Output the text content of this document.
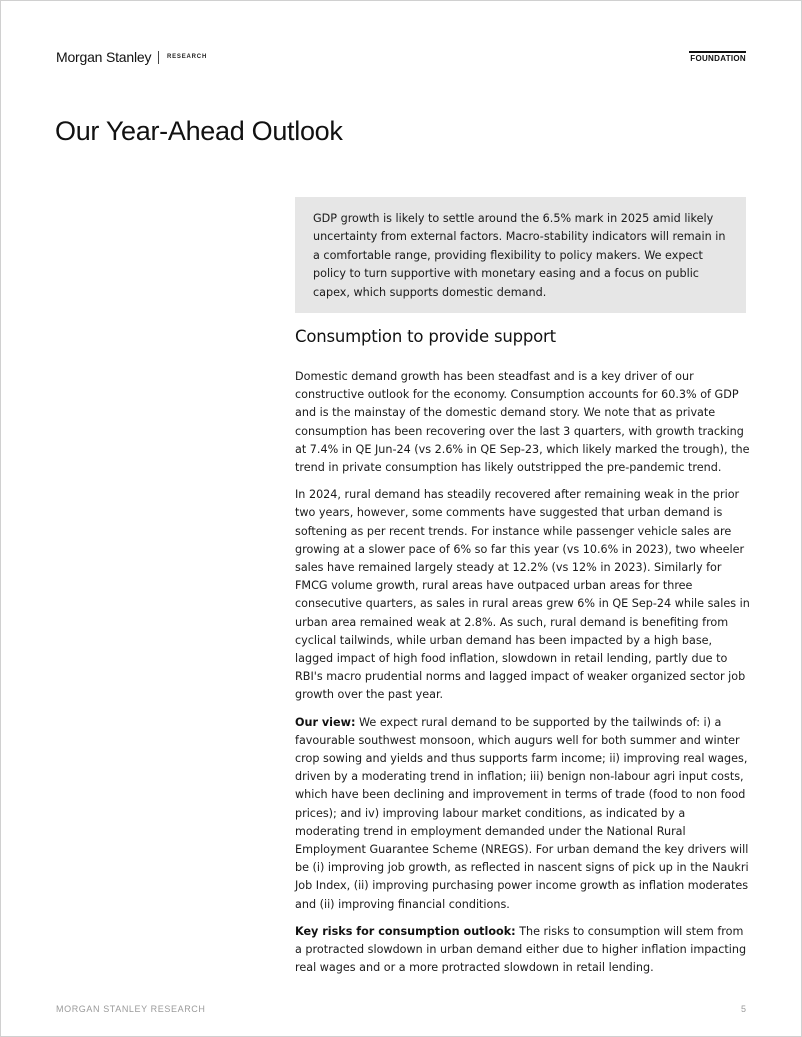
Morgan Stanley	RESEARCH	FOUNDATION
Our Year-Ahead Outlook

GDP growth is likely to settle around the 6.5% mark in 2025 amid likely uncertainty from external factors. Macro-stability indicators will remain in a comfortable range, providing flexibility to policy makers. We expect policy to turn supportive with monetary easing and a focus on public capex, which supports domestic demand.

Consumption to provide support

Domestic demand growth has been steadfast and is a key driver of our constructive outlook for the economy. Consumption accounts for 60.3% of GDP and is the mainstay of the domestic demand story. We note that as private consumption has been recovering over the last 3 quarters, with growth tracking at 7.4% in QE Jun-24 (vs 2.6% in QE Sep-23, which likely marked the trough), the trend in private consumption has likely outstripped the pre-pandemic trend.

In 2024, rural demand has steadily recovered after remaining weak in the prior two years, however, some comments have suggested that urban demand is softening as per recent trends. For instance while passenger vehicle sales are growing at a slower pace of 6% so far this year (vs 10.6% in 2023), two wheeler sales have remained largely steady at 12.2% (vs 12% in 2023). Similarly for FMCG volume growth, rural areas have outpaced urban areas for three consecutive quarters, as sales in rural areas grew 6% in QE Sep-24 while sales in urban area remained weak at 2.8%. As such, rural demand is benefiting from cyclical tailwinds, while urban demand has been impacted by a high base, lagged impact of high food inflation, slowdown in retail lending, partly due to RBI's macro prudential norms and lagged impact of weaker organized sector job growth over the past year.

Our view: We expect rural demand to be supported by the tailwinds of: i) a favourable southwest monsoon, which augurs well for both summer and winter crop sowing and yields and thus supports farm income; ii) improving real wages, driven by a moderating trend in inflation; iii) benign non-labour agri input costs, which have been declining and improvement in terms of trade (food to non food prices); and iv) improving labour market conditions, as indicated by a moderating trend in employment demanded under the National Rural Employment Guarantee Scheme (NREGS). For urban demand the key drivers will be (i) improving job growth, as reflected in nascent signs of pick up in the Naukri Job Index, (ii) improving purchasing power income growth as inflation moderates and (ii) improving financial conditions.

Key risks for consumption outlook: The risks to consumption will stem from a protracted slowdown in urban demand either due to higher inflation impacting real wages and or a more protracted slowdown in retail lending.

MORGAN STANLEY RESEARCH	5
